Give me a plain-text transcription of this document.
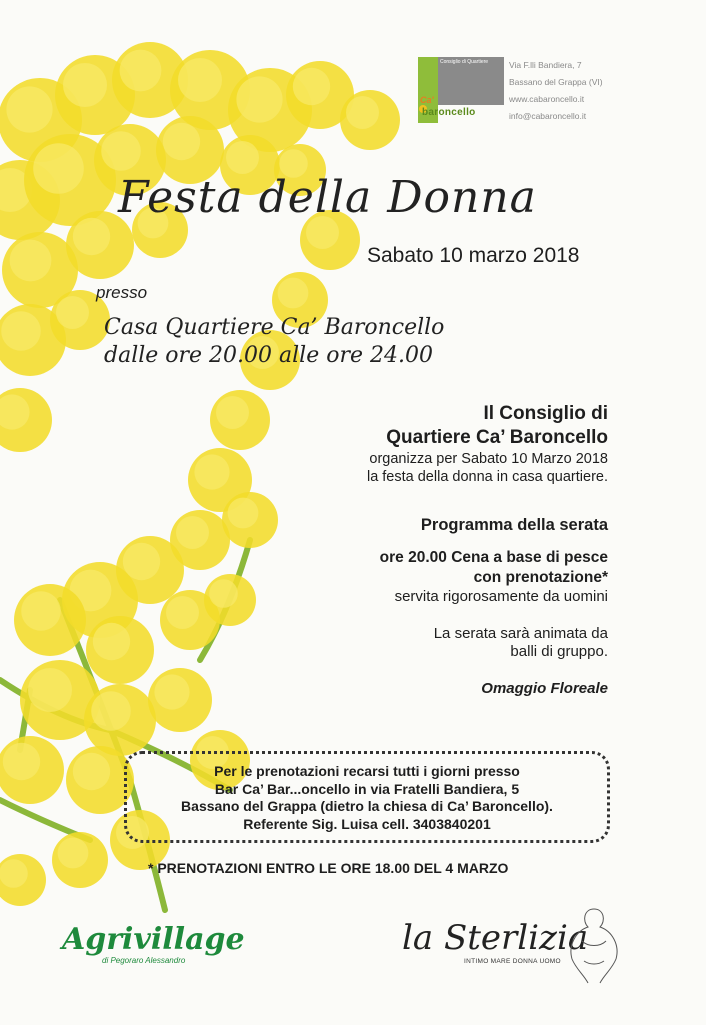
Consiglio di Quartiere
Ca'
baroncello
Via F.lli Bandiera, 7
Bassano del Grappa (VI)
www.cabaroncello.it
info@cabaroncello.it
Festa della Donna
Sabato 10 marzo 2018
presso
Casa Quartiere Ca’ Baroncello
dalle ore 20.00 alle ore 24.00
Il Consiglio di
Quartiere Ca’ Baroncello
organizza per Sabato 10 Marzo 2018
la festa della donna in casa quartiere.
Programma della serata
ore 20.00 Cena a base di pesce
con prenotazione*
servita rigorosamente da uomini
La serata sarà animata da
balli di gruppo.
Omaggio Floreale
Per le prenotazioni recarsi tutti i giorni presso
Bar Ca’ Bar...oncello in via Fratelli Bandiera, 5
Bassano del Grappa (dietro la chiesa di Ca’ Baroncello).
Referente Sig. Luisa cell. 3403840201
* PRENOTAZIONI ENTRO LE ORE 18.00 DEL 4 MARZO
Agrivillage
di Pegoraro Alessandro
la Sterlizia
INTIMO MARE DONNA UOMO
